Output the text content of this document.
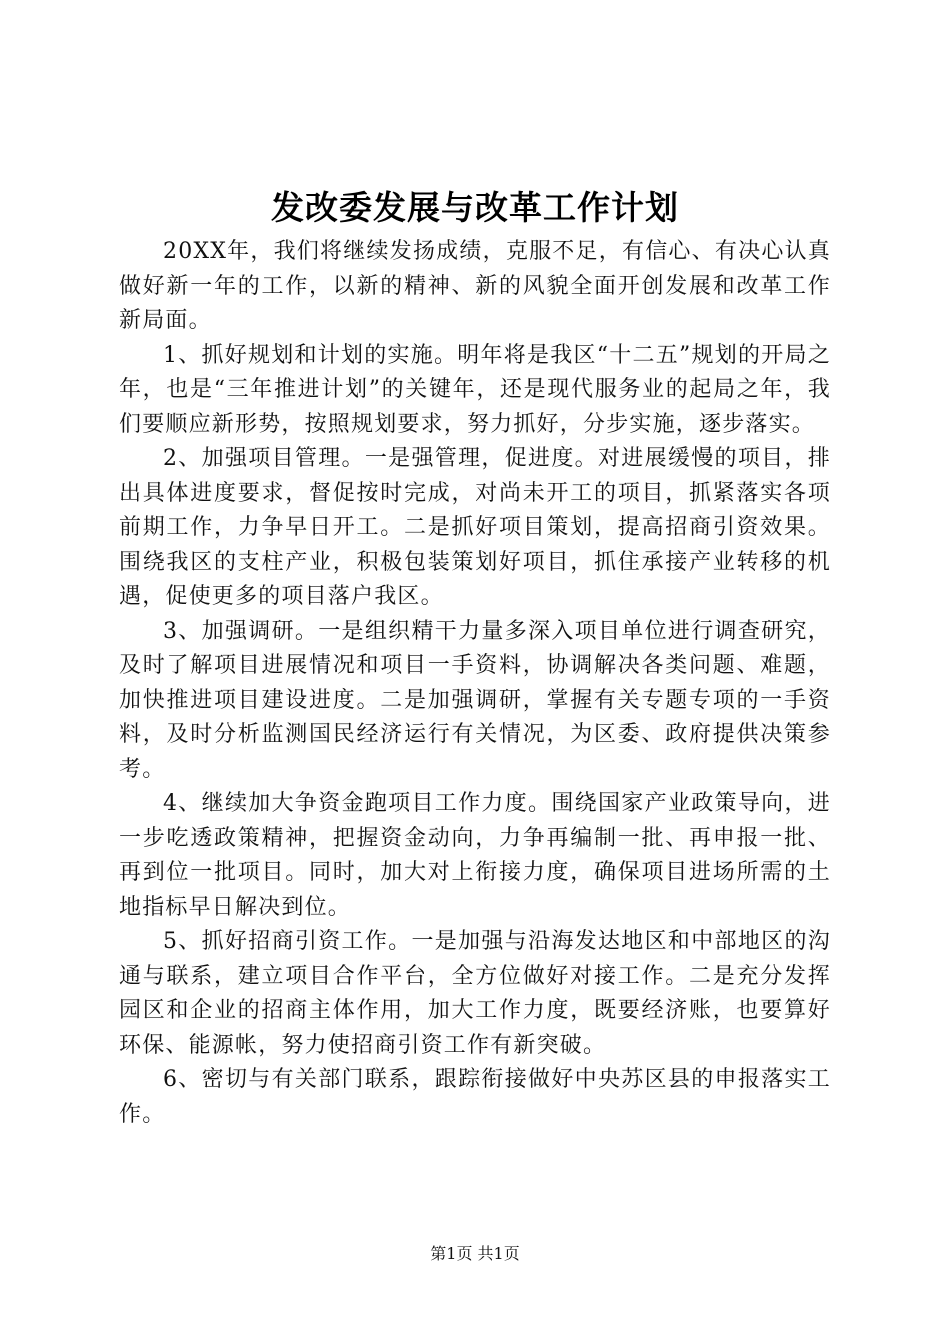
发改委发展与改革工作计划

20XX年，我们将继续发扬成绩，克服不足，有信心、有决心认真做好新一年的工作，以新的精神、新的风貌全面开创发展和改革工作新局面。

1、抓好规划和计划的实施。明年将是我区“十二五”规划的开局之年，也是“三年推进计划”的关键年，还是现代服务业的起局之年，我们要顺应新形势，按照规划要求，努力抓好，分步实施，逐步落实。

2、加强项目管理。一是强管理，促进度。对进展缓慢的项目，排出具体进度要求，督促按时完成，对尚未开工的项目，抓紧落实各项前期工作，力争早日开工。二是抓好项目策划，提高招商引资效果。围绕我区的支柱产业，积极包装策划好项目，抓住承接产业转移的机遇，促使更多的项目落户我区。

3、加强调研。一是组织精干力量多深入项目单位进行调查研究，及时了解项目进展情况和项目一手资料，协调解决各类问题、难题，加快推进项目建设进度。二是加强调研，掌握有关专题专项的一手资料，及时分析监测国民经济运行有关情况，为区委、政府提供决策参考。

4、继续加大争资金跑项目工作力度。围绕国家产业政策导向，进一步吃透政策精神，把握资金动向，力争再编制一批、再申报一批、再到位一批项目。同时，加大对上衔接力度，确保项目进场所需的土地指标早日解决到位。

5、抓好招商引资工作。一是加强与沿海发达地区和中部地区的沟通与联系，建立项目合作平台，全方位做好对接工作。二是充分发挥园区和企业的招商主体作用，加大工作力度，既要经济账，也要算好环保、能源帐，努力使招商引资工作有新突破。

6、密切与有关部门联系，跟踪衔接做好中央苏区县的申报落实工作。

第1页 共1页
